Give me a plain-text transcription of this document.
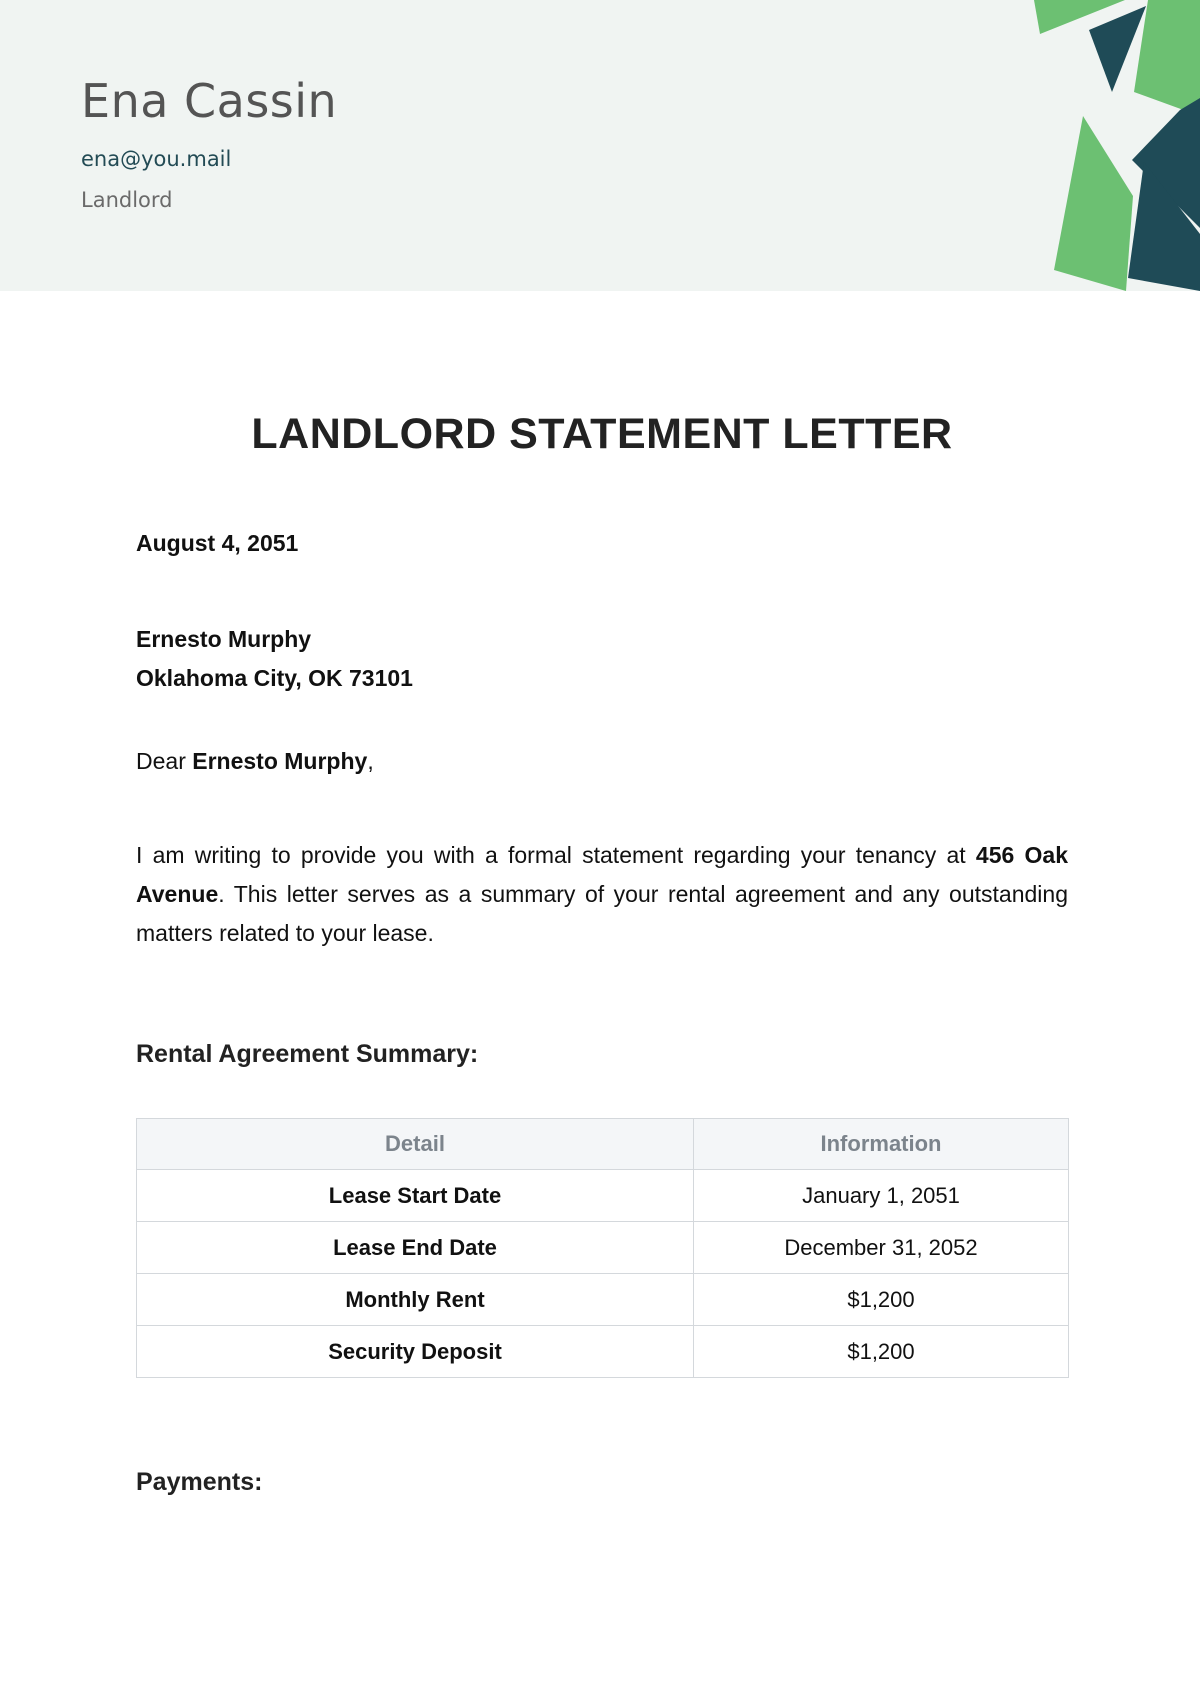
Ena Cassin
ena@you.mail
Landlord
LANDLORD STATEMENT LETTER
August 4, 2051
Ernesto Murphy
Oklahoma City, OK 73101
Dear Ernesto Murphy,

I am writing to provide you with a formal statement regarding your tenancy at 456 Oak Avenue. This letter serves as a summary of your rental agreement and any outstanding matters related to your lease.

Rental Agreement Summary:
Detail	Information
Lease Start Date	January 1, 2051
Lease End Date	December 31, 2052
Monthly Rent	$1,200
Security Deposit	$1,200
Payments:
